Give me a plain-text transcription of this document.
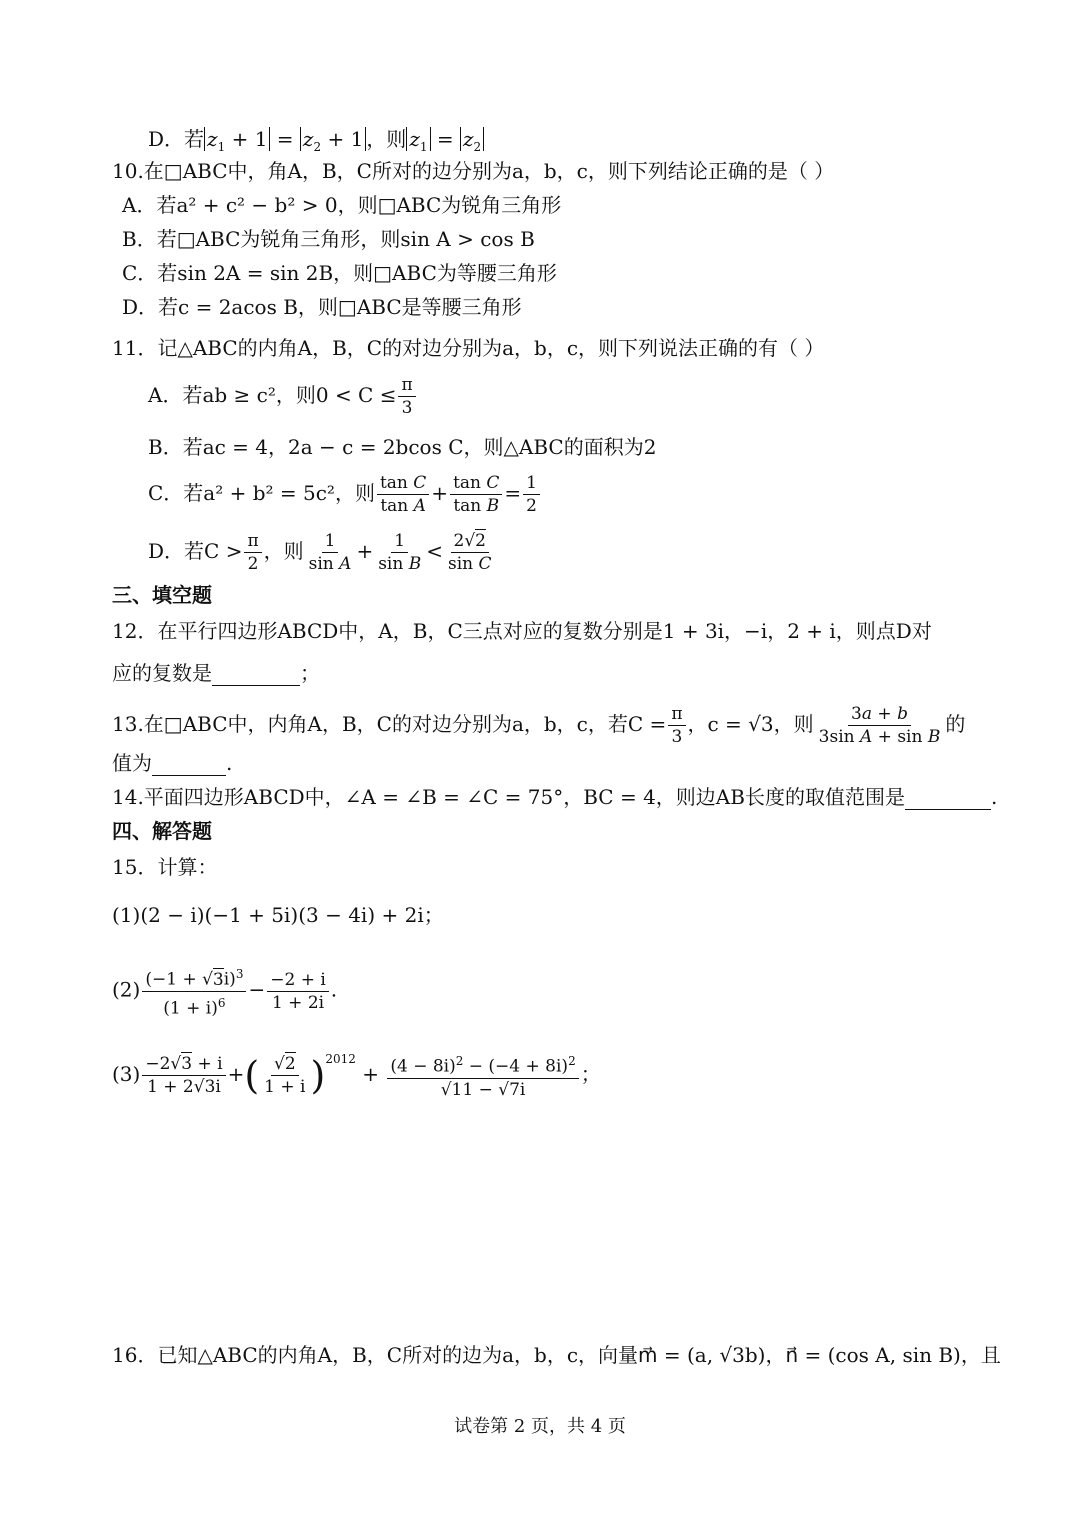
D．若 $z_1 + 1 = z_2 + 1$ ，则 $z_1 = z_2$
10.在□ABC中，角A，B，C所对的边分别为a，b，c，则下列结论正确的是（ ）
A．若a² + c² − b² > 0，则□ABC为锐角三角形
B．若□ABC为锐角三角形，则sin A > cos B
C．若sin 2A = sin 2B，则□ABC为等腰三角形
D．若c = 2acos B，则□ABC是等腰三角形
11．记△ABC的内角A，B，C的对边分别为a，b，c，则下列说法正确的有（ ）
A．若ab ≥ c²，则$0 < C \le \frac{\pi}{3}$
B．若ac = 4，2a − c = 2bcos C，则△ABC的面积为2
C．若a² + b² = 5c²，则 $\frac{\text{tan C}}{\text{tan A}} + \frac{\text{tan C}}{\text{tan B}} = \frac{1}{2}$
D．若$C > \frac{\pi}{2}$ ，则 $\frac{1}{\text{sin A}} + \frac{1}{\text{sin B}} < \frac{2√2}{\text{sin C}}$
三、填空题
12．在平行四边形ABCD中，A，B，C三点对应的复数分别是1 + 3i，−i，2 + i，则点D对
应的复数是	；
13.在□ABC中，内角A，B，C的对边分别为a，b，c，若$C = \frac{\pi}{3}$ ，c = √3，则 $\frac{3a + b}{\text{3sin A + sin B}}$ 的
值为	.
14.平面四边形ABCD中，∠A = ∠B = ∠C = 75°，BC = 4，则边AB长度的取值范围是	.
四、解答题
15．计算：
(1)(2 − i)(−1 + 5i)(3 − 4i) + 2i；
$(2) \frac{(-1 + √3i)^3}{(1 + i)^6} - \frac{-2 + i}{1 + 2i}$ .
$(3) \frac{-2√3 + i}{1 + 2√3i}$ +( $\frac{√2}{1 + i} )^{2012} + \frac{(4 - 8i)^2 - (-4 + 8i)^2}{√11 - √7i}$ ；
16．已知△ABC的内角A，B，C所对的边为a，b，c，向量m⃗ = (a, √3b)，n⃗ = (cos A, sin B)，且
试卷第 2 页，共 4 页
